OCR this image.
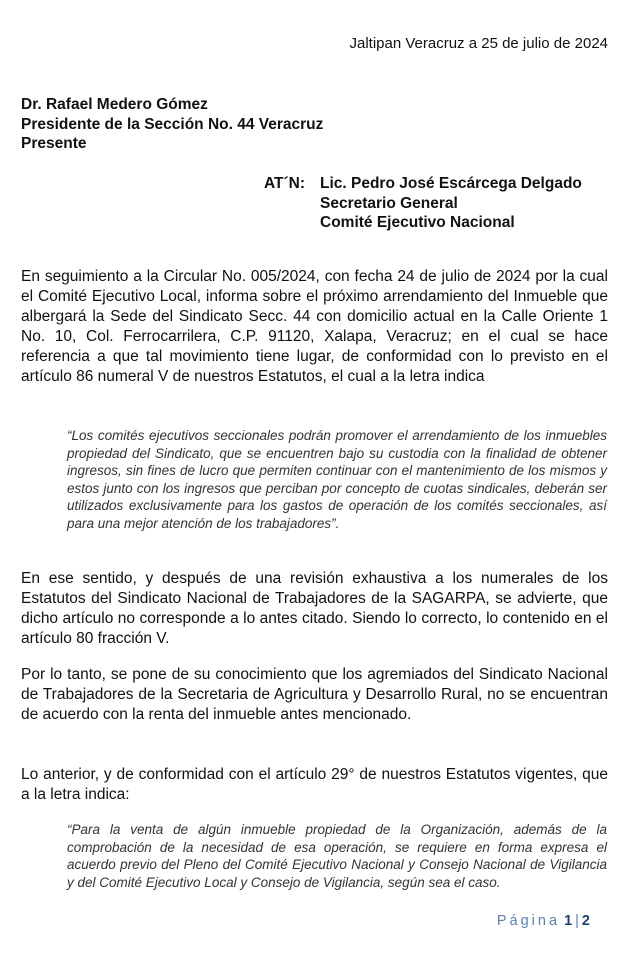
Jaltipan Veracruz a 25 de julio de 2024
Dr. Rafael Medero Gómez
Presidente de la Sección No. 44 Veracruz
Presente
AT´N: Lic. Pedro José Escárcega Delgado
Secretario General
Comité Ejecutivo Nacional

En seguimiento a la Circular No. 005/2024, con fecha 24 de julio de 2024 por la cual el Comité Ejecutivo Local, informa sobre el próximo arrendamiento del Inmueble que albergará la Sede del Sindicato Secc. 44 con domicilio actual en la Calle Oriente 1 No. 10, Col. Ferrocarrilera, C.P. 91120, Xalapa, Veracruz; en el cual se hace referencia a que tal movimiento tiene lugar, de conformidad con lo previsto en el artículo 86 numeral V de nuestros Estatutos, el cual a la letra indica

“Los comités ejecutivos seccionales podrán promover el arrendamiento de los inmuebles propiedad del Sindicato, que se encuentren bajo su custodia con la finalidad de obtener ingresos, sin fines de lucro que permiten continuar con el mantenimiento de los mismos y estos junto con los ingresos que perciban por concepto de cuotas sindicales, deberán ser utilizados exclusivamente para los gastos de operación de los comités seccionales, así para una mejor atención de los trabajadores”.

En ese sentido, y después de una revisión exhaustiva a los numerales de los Estatutos del Sindicato Nacional de Trabajadores de la SAGARPA, se advierte, que dicho artículo no corresponde a lo antes citado. Siendo lo correcto, lo contenido en el artículo 80 fracción V.

Por lo tanto, se pone de su conocimiento que los agremiados del Sindicato Nacional de Trabajadores de la Secretaria de Agricultura y Desarrollo Rural, no se encuentran de acuerdo con la renta del inmueble antes mencionado.

Lo anterior, y de conformidad con el artículo 29° de nuestros Estatutos vigentes, que a la letra indica:

“Para la venta de algún inmueble propiedad de la Organización, además de la comprobación de la necesidad de esa operación, se requiere en forma expresa el acuerdo previo del Pleno del Comité Ejecutivo Nacional y Consejo Nacional de Vigilancia y del Comité Ejecutivo Local y Consejo de Vigilancia, según sea el caso.

Página 1 | 2
